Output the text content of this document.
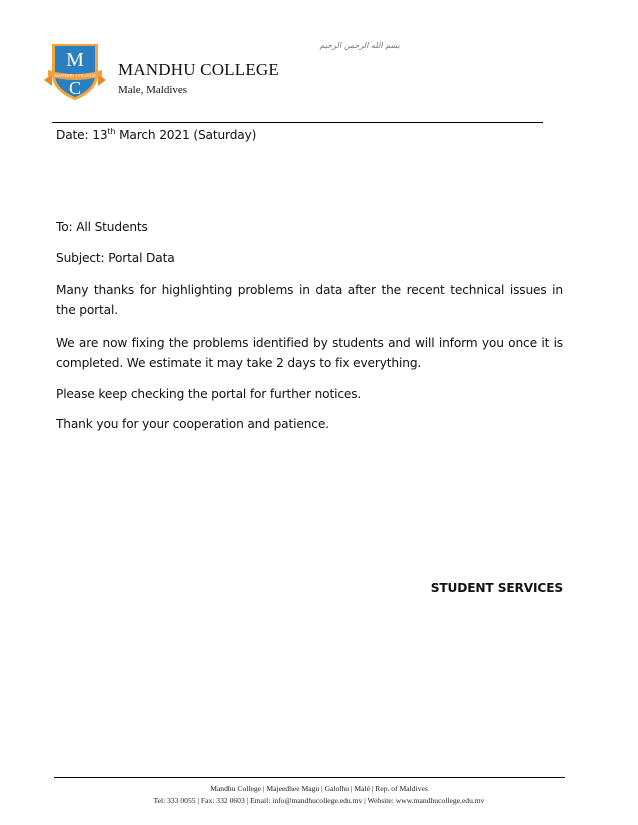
M
MANDHU COLLEGE
C
MANDHU COLLEGE
Male, Maldives
بسم الله الرحمن الرحيم
Date: 13th March 2021 (Saturday)
To: All Students
Subject: Portal Data
Many thanks for highlighting problems in data after the recent technical issues in the portal.
We are now fixing the problems identified by students and will inform you once it is completed. We estimate it may take 2 days to fix everything.
Please keep checking the portal for further notices.
Thank you for your cooperation and patience.
STUDENT SERVICES
Mandhu College | Majeedhee Magu | Galolhu | Malé | Rep. of Maldives
Tel: 333 0055 | Fax: 332 0603 | Email: info@mandhucollege.edu.mv | Website: www.mandhucollege.edu.mv
